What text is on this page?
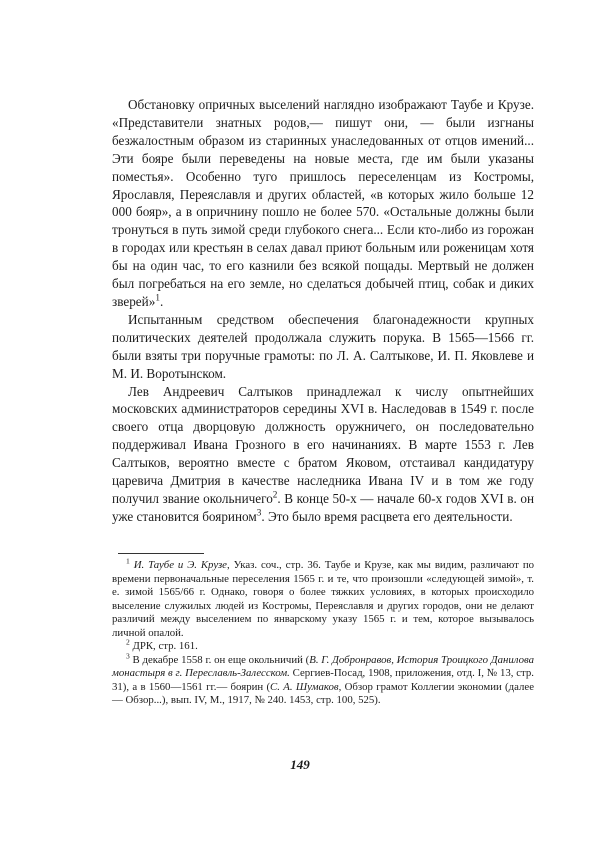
Обстановку опричных выселений наглядно изображают Таубе и Крузе. «Представители знатных родов,— пишут они, — были изгнаны безжалостным образом из старинных унаследованных от отцов имений... Эти бояре были переведены на новые места, где им были указаны поместья». Особенно туго пришлось переселенцам из Костромы, Ярославля, Переяславля и других областей, «в которых жило больше 12 000 бояр», а в опричнину пошло не более 570. «Остальные должны были тронуться в путь зимой среди глубокого снега... Если кто-либо из горожан в городах или крестьян в селах давал приют больным или роженицам хотя бы на один час, то его казнили без всякой пощады. Мертвый не должен был погребаться на его земле, но сделаться добычей птиц, собак и диких зверей»$^1$.

Испытанным средством обеспечения благонадежности крупных политических деятелей продолжала служить порука. В 1565—1566 гг. были взяты три поручные грамоты: по Л. А. Салтыкове, И. П. Яковлеве и М. И. Воротынском.

Лев Андреевич Салтыков принадлежал к числу опытнейших московских администраторов середины XVI в. Наследовав в 1549 г. после своего отца дворцовую должность оружничего, он последовательно поддерживал Ивана Грозного в его начинаниях. В марте 1553 г. Лев Салтыков, вероятно вместе с братом Яковом, отстаивал кандидатуру царевича Дмитрия в качестве наследника Ивана IV и в том же году получил звание окольничего$^2$. В конце 50-х — начале 60-х годов XVI в. он уже становится боярином$^3$. Это было время расцвета его деятельности.

$^1$ И. Таубе и Э. Крузе, Указ. соч., стр. 36. Таубе и Крузе, как мы видим, различают по времени первоначальные переселения 1565 г. и те, что произошли «следующей зимой», т. е. зимой 1565/66 г. Однако, говоря о более тяжких условиях, в которых происходило выселение служилых людей из Костромы, Переяславля и других городов, они не делают различий между выселением по январскому указу 1565 г. и тем, которое вызывалось личной опалой.

$^2$ ДРК, стр. 161.

$^3$ В декабре 1558 г. он еще окольничий (В. Г. Добронравов, История Троицкого Данилова монастыря в г. Переславль-Залесском. Сергиев-Посад, 1908, приложения, отд. I, № 13, стр. 31), а в 1560—1561 гг.— боярин (С. А. Шумаков, Обзор грамот Коллегии экономии (далее — Обзор...), вып. IV, М., 1917, № 240. 1453, стр. 100, 525).

149
